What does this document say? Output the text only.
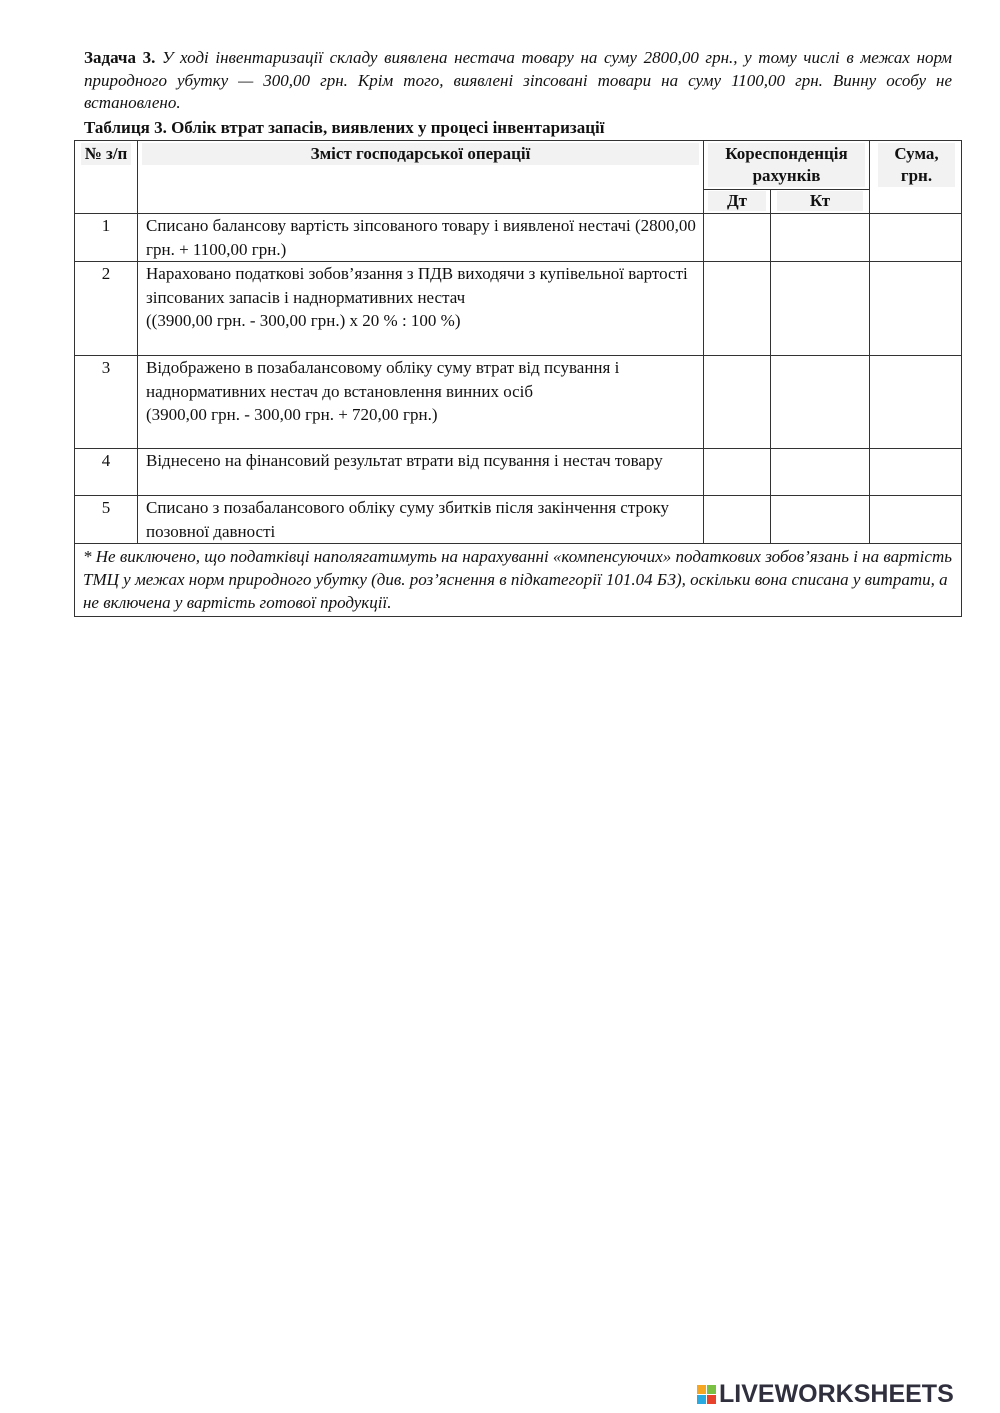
Задача 3. У ході інвентаризації складу виявлена нестача товару на суму 2800,00 грн., у тому числі в межах норм природного убутку — 300,00 грн. Крім того, виявлені зіпсовані товари на суму 1100,00 грн. Винну особу не встановлено.
Таблиця 3. Облік втрат запасів, виявлених у процесі інвентаризації
№ з/п	Зміст господарської операції	Кореспонденція рахунків		Сума, грн.

		Дт	Кт	

1	Списано балансову вартість зіпсованого товару і виявленої нестачі (2800,00 грн. + 1100,00 грн.)			
2	Нараховано податкові зобов’язання з ПДВ виходячи з купівельної вартості зіпсованих запасів і наднормативних нестач
((3900,00 грн. - 300,00 грн.) х 20 % : 100 %)			
3	Відображено в позабалансовому обліку суму втрат від псування і наднормативних нестач до встановлення винних осіб
(3900,00 грн. - 300,00 грн. + 720,00 грн.)			
4	Віднесено на фінансовий результат втрати від псування і нестач товару			
5	Списано з позабалансового обліку суму збитків після закінчення строку позовної давності			
* Не виключено, що податківці наполягатимуть на нарахуванні «компенсуючих» податкових зобов’язань і на вартість ТМЦ у межах норм природного убутку (див. роз’яснення в підкатегорії 101.04 БЗ), оскільки вона списана у витрати, а не включена у вартість готової продукції.				
LIVEWORKSHEETS
